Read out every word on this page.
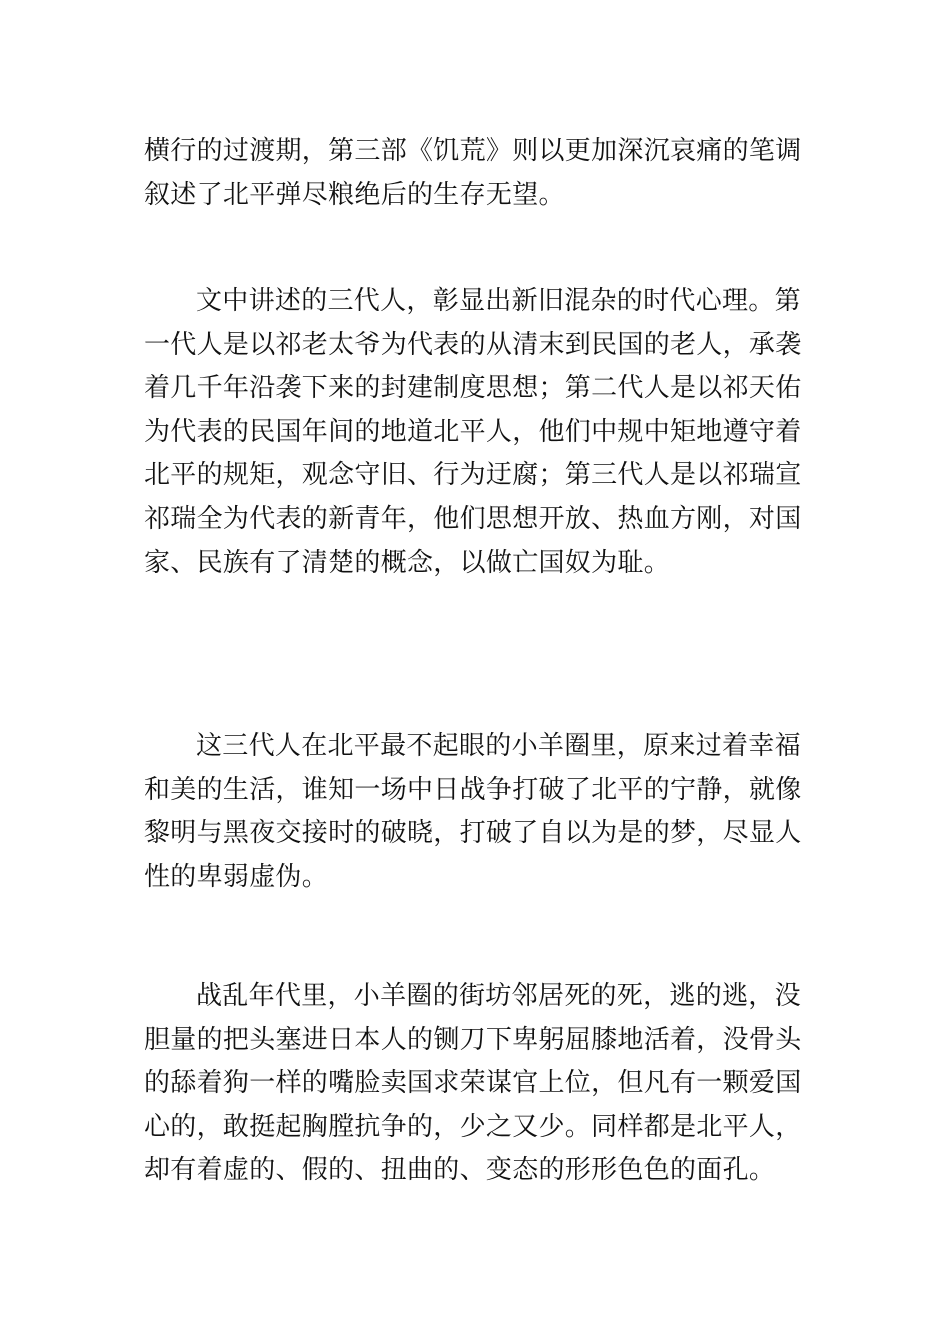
横行的过渡期，第三部《饥荒》则以更加深沉哀痛的笔调
叙述了北平弹尽粮绝后的生存无望。
文中讲述的三代人，彰显出新旧混杂的时代心理。第
一代人是以祁老太爷为代表的从清末到民国的老人，承袭
着几千年沿袭下来的封建制度思想；第二代人是以祁天佑
为代表的民国年间的地道北平人，他们中规中矩地遵守着
北平的规矩，观念守旧、行为迂腐；第三代人是以祁瑞宣
祁瑞全为代表的新青年，他们思想开放、热血方刚，对国
家、民族有了清楚的概念，以做亡国奴为耻。
这三代人在北平最不起眼的小羊圈里，原来过着幸福
和美的生活，谁知一场中日战争打破了北平的宁静，就像
黎明与黑夜交接时的破晓，打破了自以为是的梦，尽显人
性的卑弱虚伪。
战乱年代里，小羊圈的街坊邻居死的死，逃的逃，没
胆量的把头塞进日本人的铡刀下卑躬屈膝地活着，没骨头
的舔着狗一样的嘴脸卖国求荣谋官上位，但凡有一颗爱国
心的，敢挺起胸膛抗争的，少之又少。同样都是北平人，
却有着虚的、假的、扭曲的、变态的形形色色的面孔。
